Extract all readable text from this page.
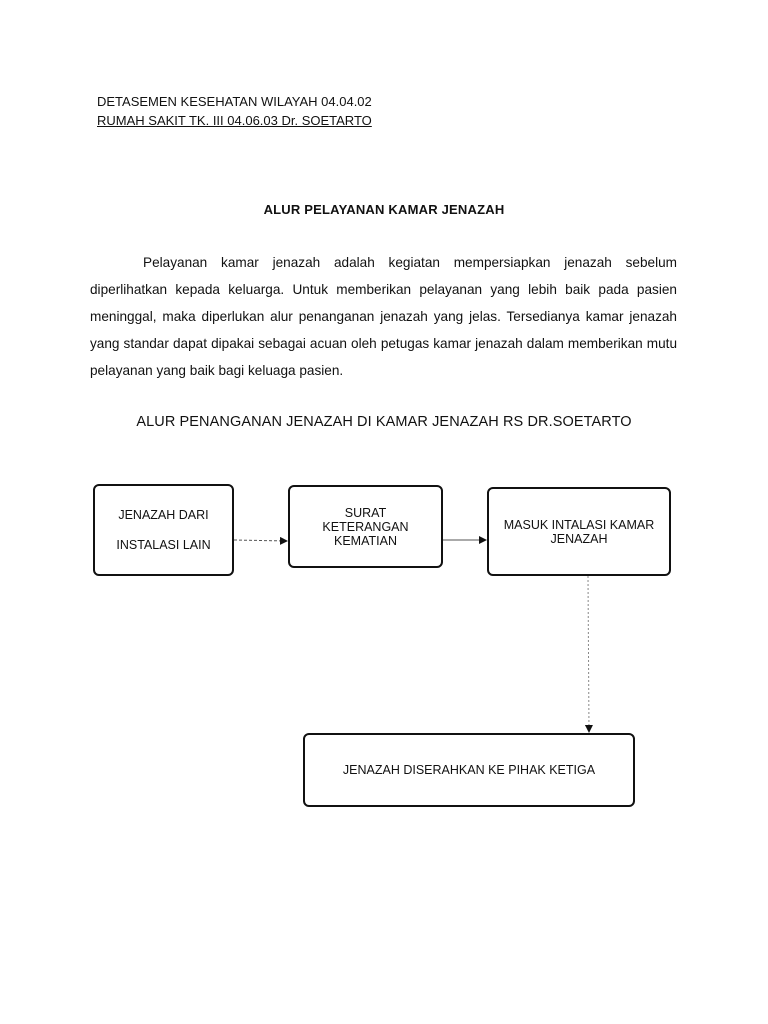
DETASEMEN KESEHATAN WILAYAH 04.04.02
RUMAH SAKIT TK. III 04.06.03 Dr. SOETARTO
ALUR PELAYANAN KAMAR JENAZAH
Pelayanan kamar jenazah adalah kegiatan mempersiapkan jenazah sebelum diperlihatkan kepada keluarga. Untuk memberikan pelayanan yang lebih baik pada pasien meninggal, maka diperlukan alur penanganan jenazah yang jelas. Tersedianya kamar jenazah yang standar dapat dipakai sebagai acuan oleh petugas kamar jenazah dalam memberikan mutu pelayanan yang baik bagi keluaga pasien.
ALUR PENANGANAN JENAZAH DI KAMAR JENAZAH RS DR.SOETARTO
JENAZAH DARI
INSTALASI LAIN
SURAT
KETERANGAN
KEMATIAN
MASUK INTALASI KAMAR
JENAZAH
JENAZAH DISERAHKAN KE PIHAK KETIGA
